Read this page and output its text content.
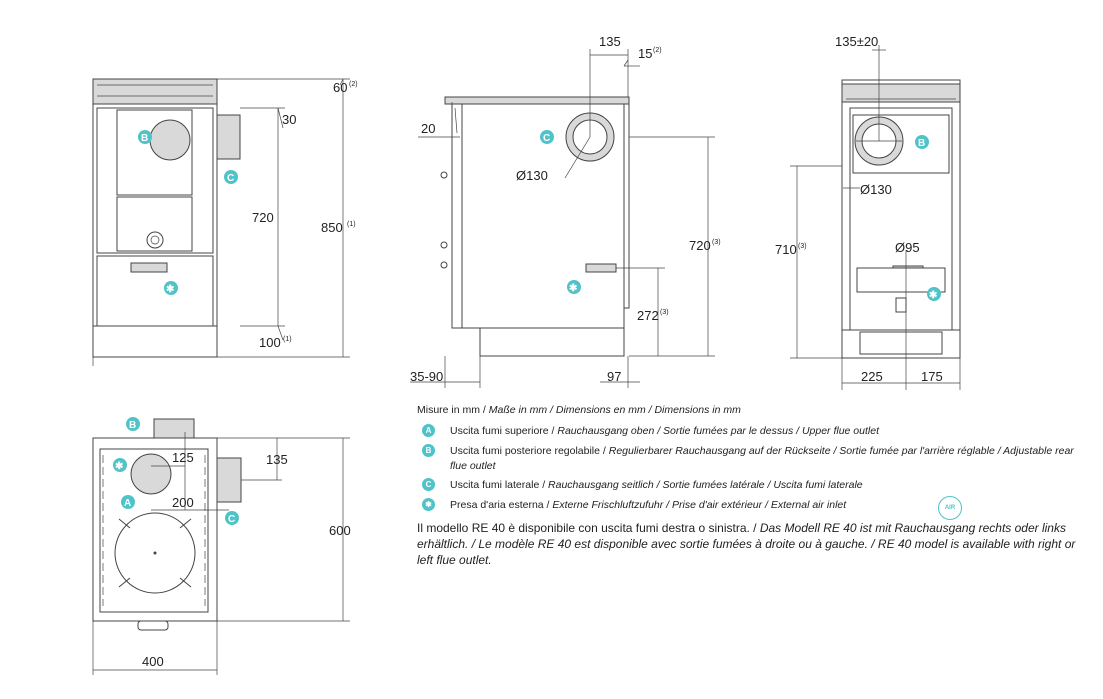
60 (2)
30
720
850 (1)
100 (1)
B
C
✱
135
15 (2)
20
Ø130
720 (3)
272 (3)
35-90	97
C
✱
135±20
Ø130
710 (3)	Ø95
225	175
B
✱
125	135
200
600
400
B
✱
A
C
Misure in mm / Maße in mm / Dimensions en mm / Dimensions in mm
A	Uscita fumi superiore / Rauchausgang oben / Sortie fumées par le dessus / Upper flue outlet
B	Uscita fumi posteriore regolabile / Regulierbarer Rauchausgang auf der Rückseite / Sortie fumée par l'arrière réglable / Adjustable rear flue outlet
C	Uscita fumi laterale / Rauchausgang seitlich / Sortie fumées latérale / Uscita fumi laterale
✱	Presa d'aria esterna / Externe Frischluftzufuhr / Prise d'air extérieur / External air inlet	AIR
Il modello RE 40 è disponibile con uscita fumi destra o sinistra. / Das Modell RE 40 ist mit Rauchausgang rechts oder links erhältlich. / Le modèle RE 40 est disponible avec sortie fumées à droite ou à gauche. / RE 40 model is available with right or left flue outlet.
